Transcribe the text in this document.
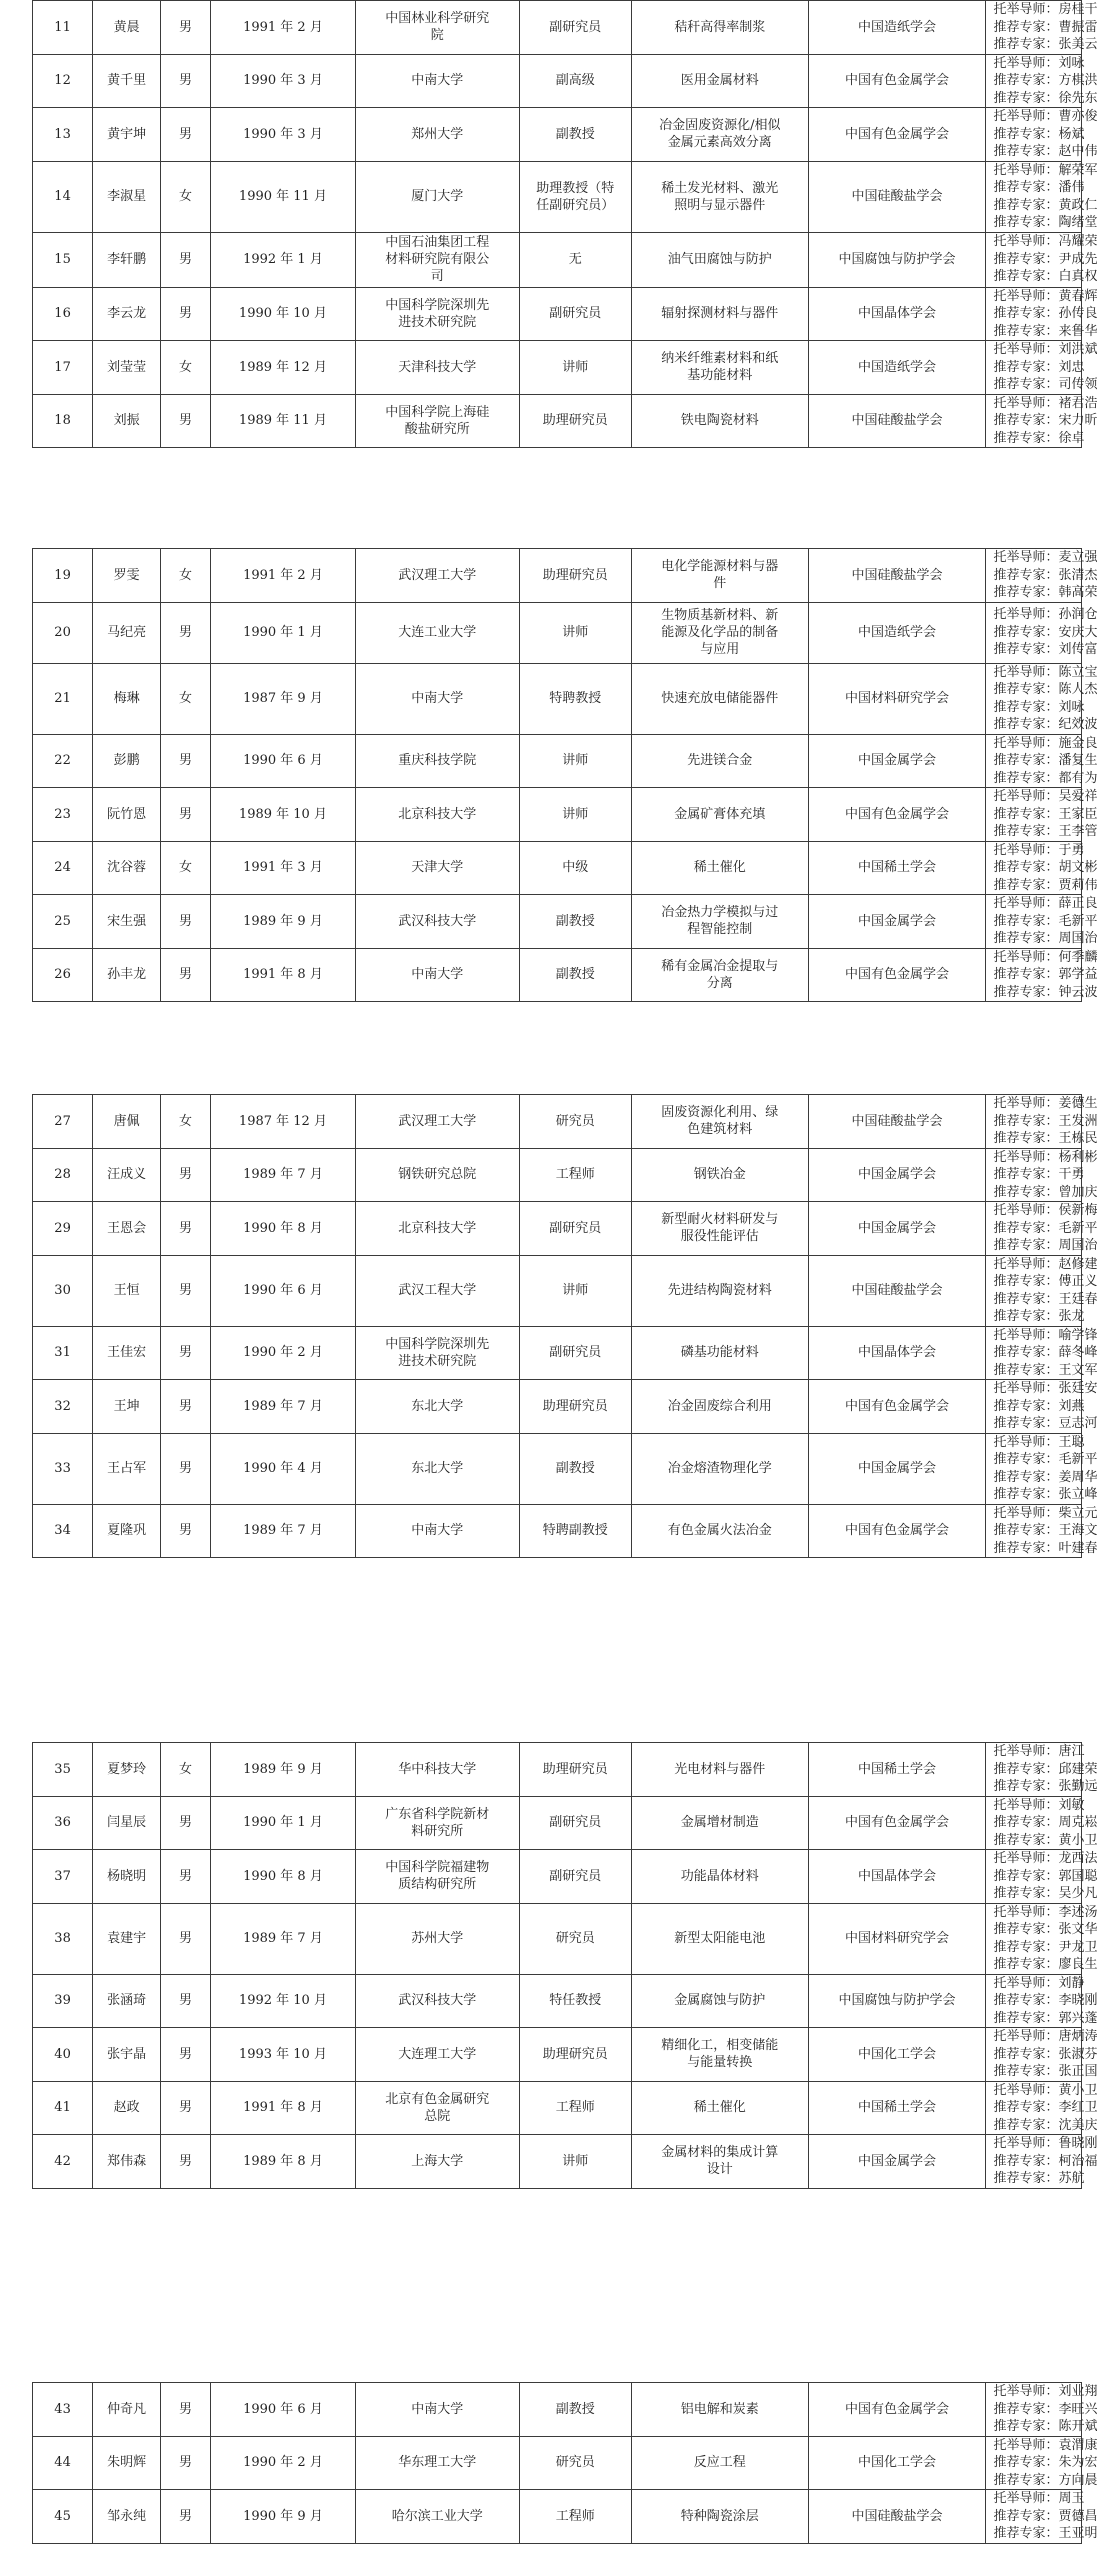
11	黄晨	男	1991 年 2 月	中国林业科学研究
院	副研究员	秸秆高得率制浆	中国造纸学会	托举导师：房桂干
推荐专家：曹振雷
推荐专家：张美云

12	黄千里	男	1990 年 3 月	中南大学	副高级	医用金属材料	中国有色金属学会	托举导师：刘咏
推荐专家：方棋洪
推荐专家：徐先东

13	黄宇坤	男	1990 年 3 月	郑州大学	副教授	冶金固废资源化/相似
金属元素高效分离	中国有色金属学会	托举导师：曹亦俊
推荐专家：杨斌
推荐专家：赵中伟

14	李淑星	女	1990 年 11 月	厦门大学	助理教授（特
任副研究员）	稀土发光材料、激光
照明与显示器件	中国硅酸盐学会	托举导师：解荣军
推荐专家：潘伟
推荐专家：黄政仁
推荐专家：陶绪堂

15	李轩鹏	男	1992 年 1 月	中国石油集团工程
材料研究院有限公
司	无	油气田腐蚀与防护	中国腐蚀与防护学会	托举导师：冯耀荣
推荐专家：尹成先
推荐专家：白真权

16	李云龙	男	1990 年 10 月	中国科学院深圳先
进技术研究院	副研究员	辐射探测材料与器件	中国晶体学会	托举导师：黄春辉
推荐专家：孙传良
推荐专家：来鲁华

17	刘莹莹	女	1989 年 12 月	天津科技大学	讲师	纳米纤维素材料和纸
基功能材料	中国造纸学会	托举导师：刘洪斌
推荐专家：刘忠
推荐专家：司传领

18	刘振	男	1989 年 11 月	中国科学院上海硅
酸盐研究所	助理研究员	铁电陶瓷材料	中国硅酸盐学会	托举导师：褚君浩
推荐专家：宋力昕
推荐专家：徐卓
19	罗雯	女	1991 年 2 月	武汉理工大学	助理研究员	电化学能源材料与器
件	中国硅酸盐学会	托举导师：麦立强
推荐专家：张清杰
推荐专家：韩高荣

20	马纪亮	男	1990 年 1 月	大连工业大学	讲师	生物质基新材料、新
能源及化学品的制备
与应用	中国造纸学会	托举导师：孙润仓
推荐专家：安庆大
推荐专家：刘传富

21	梅琳	女	1987 年 9 月	中南大学	特聘教授	快速充放电储能器件	中国材料研究学会	托举导师：陈立宝
推荐专家：陈人杰
推荐专家：刘咏
推荐专家：纪效波

22	彭鹏	男	1990 年 6 月	重庆科技学院	讲师	先进镁合金	中国金属学会	托举导师：施金良
推荐专家：潘复生
推荐专家：都有为

23	阮竹恩	男	1989 年 10 月	北京科技大学	讲师	金属矿膏体充填	中国有色金属学会	托举导师：吴爱祥
推荐专家：王家臣
推荐专家：王李管

24	沈谷蓉	女	1991 年 3 月	天津大学	中级	稀土催化	中国稀土学会	托举导师：于勇
推荐专家：胡文彬
推荐专家：贾莉伟

25	宋生强	男	1989 年 9 月	武汉科技大学	副教授	冶金热力学模拟与过
程智能控制	中国金属学会	托举导师：薛正良
推荐专家：毛新平
推荐专家：周国治

26	孙丰龙	男	1991 年 8 月	中南大学	副教授	稀有金属冶金提取与
分离	中国有色金属学会	托举导师：何季麟
推荐专家：郭学益
推荐专家：钟云波
27	唐佩	女	1987 年 12 月	武汉理工大学	研究员	固废资源化利用、绿
色建筑材料	中国硅酸盐学会	托举导师：姜德生
推荐专家：王发洲
推荐专家：王栋民

28	汪成义	男	1989 年 7 月	钢铁研究总院	工程师	钢铁冶金	中国金属学会	托举导师：杨利彬
推荐专家：干勇
推荐专家：曾加庆

29	王恩会	男	1990 年 8 月	北京科技大学	副研究员	新型耐火材料研发与
服役性能评估	中国金属学会	托举导师：侯新梅
推荐专家：毛新平
推荐专家：周国治

30	王恒	男	1990 年 6 月	武汉工程大学	讲师	先进结构陶瓷材料	中国硅酸盐学会	托举导师：赵修建
推荐专家：傅正义
推荐专家：王廷春
推荐专家：张龙

31	王佳宏	男	1990 年 2 月	中国科学院深圳先
进技术研究院	副研究员	磷基功能材料	中国晶体学会	托举导师：喻学锋
推荐专家：薛冬峰
推荐专家：王文军

32	王坤	男	1989 年 7 月	东北大学	助理研究员	冶金固废综合利用	中国有色金属学会	托举导师：张廷安
推荐专家：刘燕
推荐专家：豆志河

33	王占军	男	1990 年 4 月	东北大学	副教授	冶金熔渣物理化学	中国金属学会	托举导师：王聪
推荐专家：毛新平
推荐专家：姜周华
推荐专家：张立峰

34	夏隆巩	男	1989 年 7 月	中南大学	特聘副教授	有色金属火法冶金	中国有色金属学会	托举导师：柴立元
推荐专家：王海文
推荐专家：叶建春
35	夏梦玲	女	1989 年 9 月	华中科技大学	助理研究员	光电材料与器件	中国稀土学会	托举导师：唐江
推荐专家：邱建荣
推荐专家：张勤远

36	闫星辰	男	1990 年 1 月	广东省科学院新材
料研究所	副研究员	金属增材制造	中国有色金属学会	托举导师：刘敏
推荐专家：周克崧
推荐专家：黄小卫

37	杨晓明	男	1990 年 8 月	中国科学院福建物
质结构研究所	副研究员	功能晶体材料	中国晶体学会	托举导师：龙西法
推荐专家：郭国聪
推荐专家：吴少凡

38	袁建宇	男	1989 年 7 月	苏州大学	研究员	新型太阳能电池	中国材料研究学会	托举导师：李述汤
推荐专家：张文华
推荐专家：尹龙卫
推荐专家：廖良生

39	张涵琦	男	1992 年 10 月	武汉科技大学	特任教授	金属腐蚀与防护	中国腐蚀与防护学会	托举导师：刘静
推荐专家：李晓刚
推荐专家：郭兴蓬

40	张宇晶	男	1993 年 10 月	大连理工大学	助理研究员	精细化工，相变储能
与能量转换	中国化工学会	托举导师：唐炳涛
推荐专家：张淑芬
推荐专家：张正国

41	赵政	男	1991 年 8 月	北京有色金属研究
总院	工程师	稀土催化	中国稀土学会	托举导师：黄小卫
推荐专家：李红卫
推荐专家：沈美庆

42	郑伟森	男	1989 年 8 月	上海大学	讲师	金属材料的集成计算
设计	中国金属学会	托举导师：鲁晓刚
推荐专家：柯治福
推荐专家：苏航
43	仲奇凡	男	1990 年 6 月	中南大学	副教授	铝电解和炭素	中国有色金属学会	托举导师：刘业翔
推荐专家：李旺兴
推荐专家：陈开斌

44	朱明辉	男	1990 年 2 月	华东理工大学	研究员	反应工程	中国化工学会	托举导师：袁渭康
推荐专家：朱为宏
推荐专家：方向晨

45	邹永纯	男	1990 年 9 月	哈尔滨工业大学	工程师	特种陶瓷涂层	中国硅酸盐学会	托举导师：周玉
推荐专家：贾德昌
推荐专家：王亚明
